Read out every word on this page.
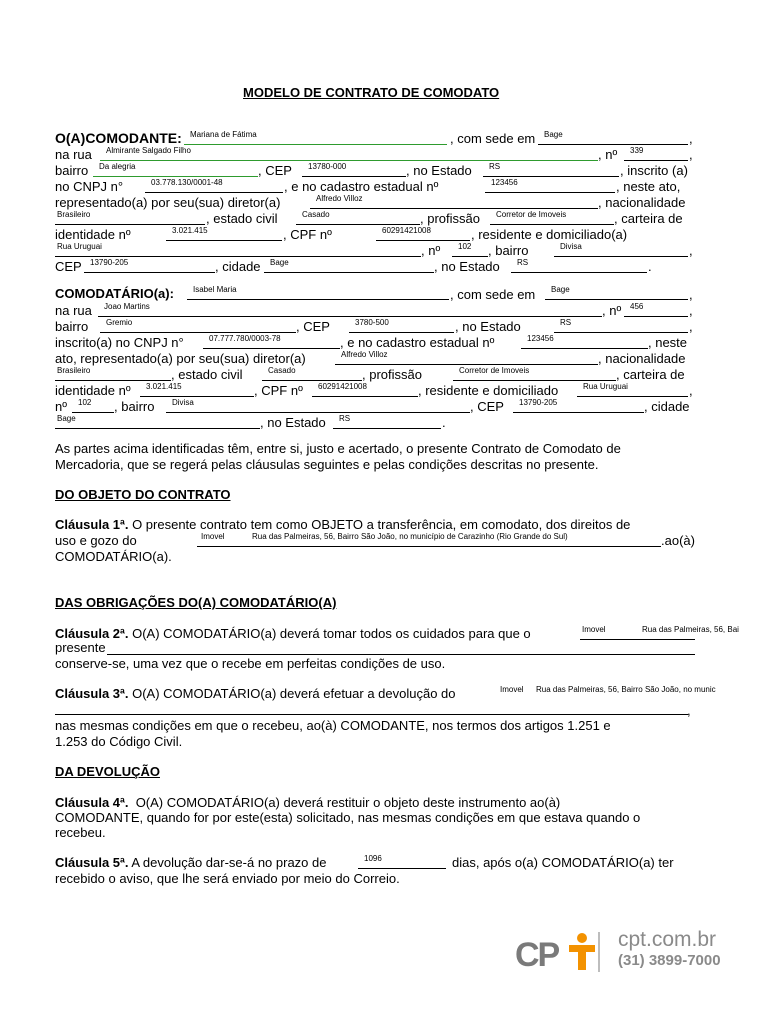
MODELO DE CONTRATO DE COMODATO
O(A)COMODANTE: Mariana de Fátima	, com sede em Bage	,
na rua Almirante Salgado Filho	, nº 339	,
bairro Da alegria	, CEP 13780-000	, no Estado RS	, inscrito (a)
no CNPJ n°	03.778.130/0001-48	, e no cadastro estadual nº	123456	, neste ato,
representado(a) por seu(sua) diretor(a)	Alfredo Villoz	, nacionalidade
Brasileiro	, estado civil	Casado	, profissão Corretor de Imoveis	, carteira de
identidade nº	3.021.415	, CPF nº	60291421008	, residente e domiciliado(a)
Rua Uruguai	, nº 102 , bairro	Divisa	,
CEP 13790-205	, cidade Bage	, no Estado RS	.
COMODATÁRIO(a): Isabel Maria	, com sede em Bage	,
na rua Joao Martins	, nº 456	,
bairro Gremio	, CEP	3780-500	, no Estado	RS	,
inscrito(a) no CNPJ n°	07.777.780/0003-78	, e no cadastro estadual nº	123456	, neste
ato, representado(a) por seu(sua) diretor(a)	Alfredo Villoz	, nacionalidade
Brasileiro	, estado civil	Casado	, profissão	Corretor de Imoveis	, carteira de
identidade nº 3.021.415	, CPF nº 60291421008	, residente e domiciliado	Rua Uruguai	,
nº 102 , bairro Divisa	, CEP 13790-205	, cidade
Bage	, no Estado RS	.
As partes acima identificadas têm, entre si, justo e acertado, o presente Contrato de Comodato de
Mercadoria, que se regerá pelas cláusulas seguintes e pelas condições descritas no presente.
DO OBJETO DO CONTRATO
Cláusula 1ª. O presente contrato tem como OBJETO a transferência, em comodato, dos direitos de
uso e gozo do	Imovel	Rua das Palmeiras, 56, Bairro São João, no município de Carazinho (Rio Grande do Sul)	.ao(à)
COMODATÁRIO(a).
DAS OBRIGAÇÕES DO(A) COMODATÁRIO(A)
Cláusula 2ª. O(A) COMODATÁRIO(a) deverá tomar todos os cuidados para que o	Imovel	Rua das Palmeiras, 56, Bai
presente
conserve-se, uma vez que o recebe em perfeitas condições de uso.
Cláusula 3ª. O(A) COMODATÁRIO(a) deverá efetuar a devolução do	Imovel Rua das Palmeiras, 56, Bairro São João, no munic
,
nas mesmas condições em que o recebeu, ao(à) COMODANTE, nos termos dos artigos 1.251 e
1.253 do Código Civil.
DA DEVOLUÇÃO
Cláusula 4ª. O(A) COMODATÁRIO(a) deverá restituir o objeto deste instrumento ao(à)
COMODANTE, quando for por este(esta) solicitado, nas mesmas condições em que estava quando o
recebeu.
Cláusula 5ª. A devolução dar-se-á no prazo de	1096	dias, após o(a) COMODATÁRIO(a) ter
recebido o aviso, que lhe será enviado por meio do Correio.
CP	cpt.com.br
(31) 3899-7000
